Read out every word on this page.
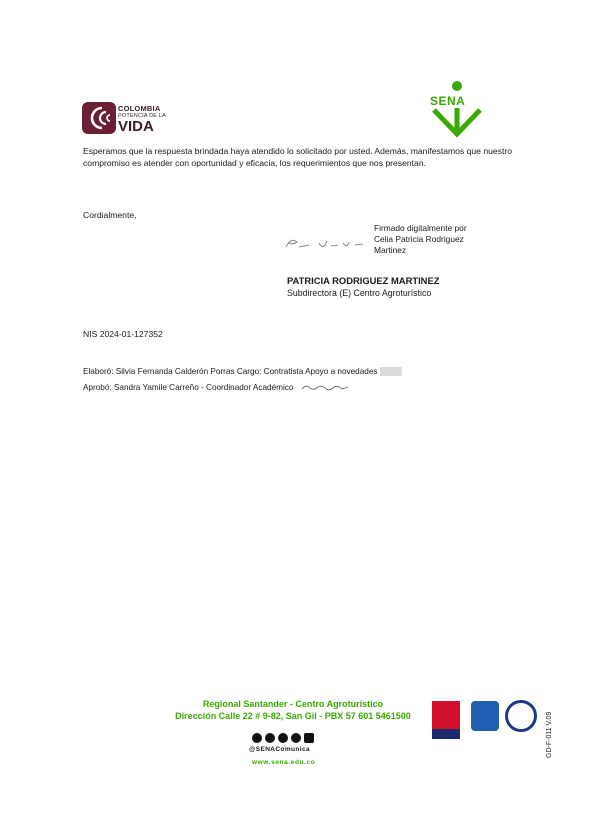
COLOMBIA
POTENCIA DE LA
VIDA
SENA
Esperamos que la respuesta brindada haya atendido lo solicitado por usted. Además, manifestamos que nuestro compromiso es atender con oportunidad y eficacia, los requerimientos que nos presentan.
Cordialmente,
Firmado digitalmente por Celia Patricia Rodriguez Martinez
PATRICIA RODRIGUEZ MARTINEZ
Subdirectora (E) Centro Agroturístico
NIS 2024-01-127352
Elaboró: Silvia Fernanda Calderón Porras Cargo: Contratista Apoyo a novedades
Aprobó: Sandra Yamile Carreño - Coordinador Académico
Regional Santander - Centro Agroturístico
Dirección Calle 22 # 9-82, San Gil - PBX 57 601 5461500
@SENAComunica
www.sena.edu.co
GD-F-011 V.09
